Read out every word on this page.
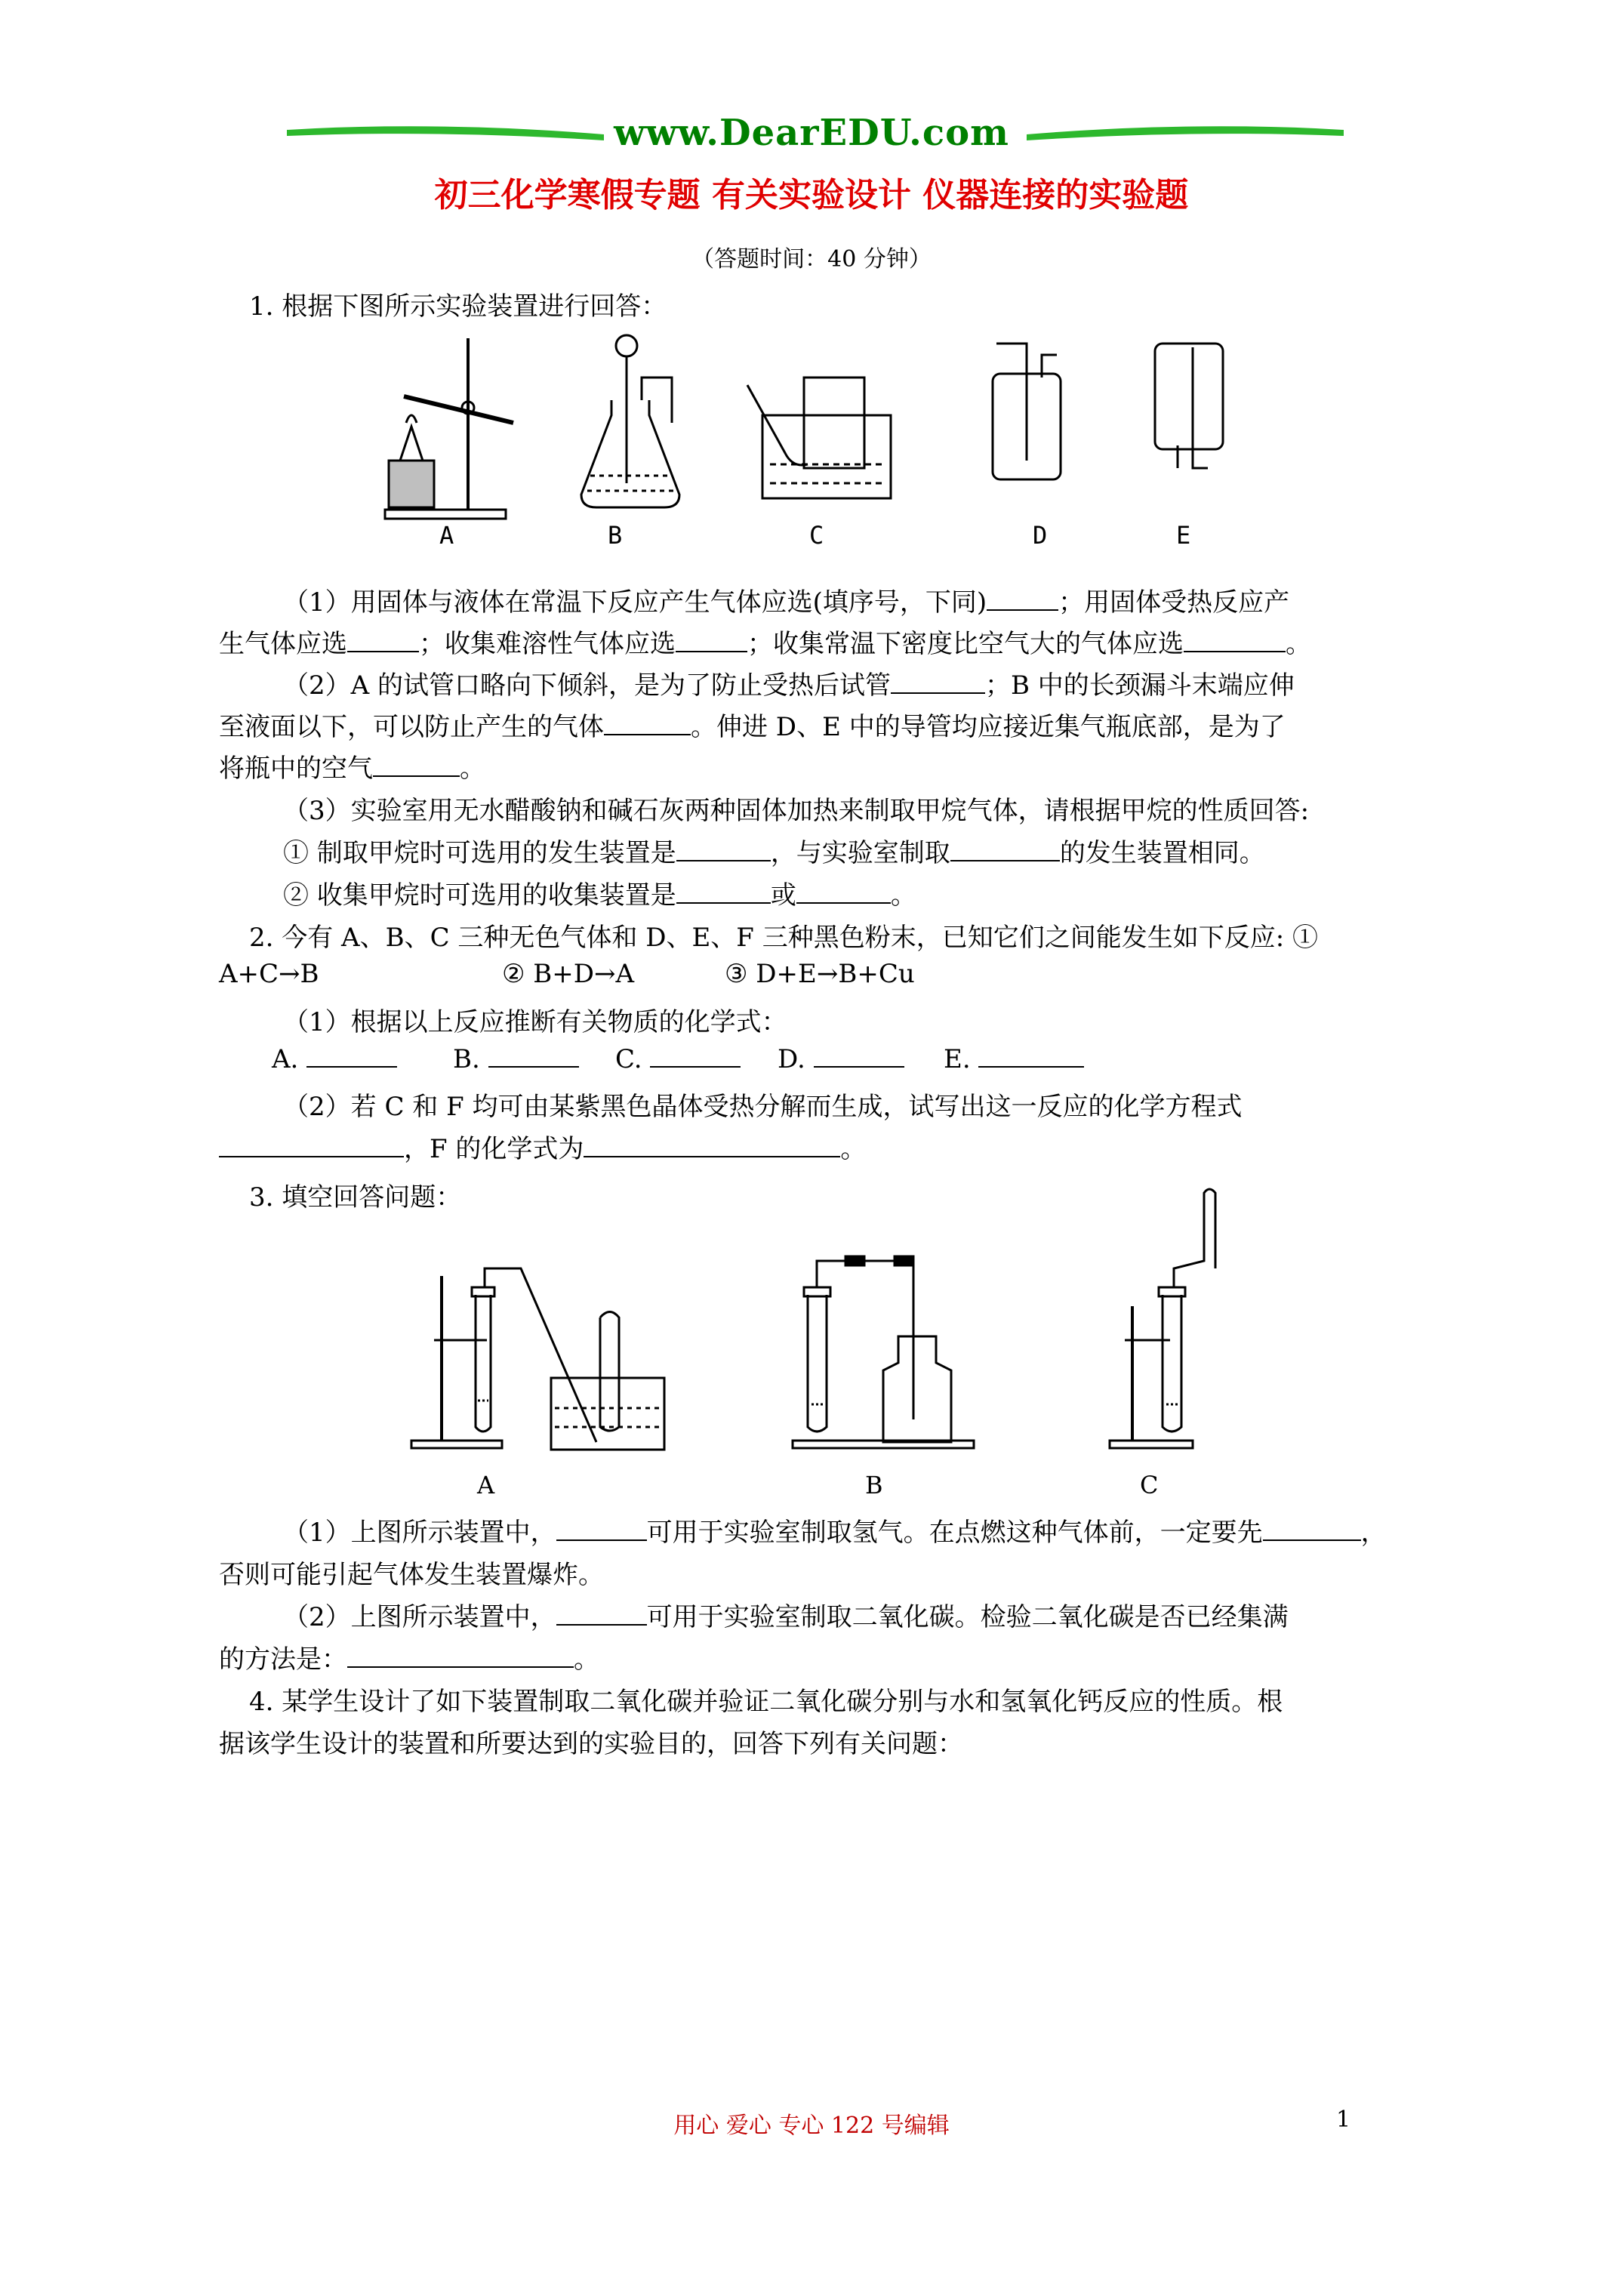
www.DearEDU.com
初三化学寒假专题 有关实验设计 仪器连接的实验题
（答题时间：40 分钟）
1. 根据下图所示实验装置进行回答：
A	B	C	D	E
（1）用固体与液体在常温下反应产生气体应选(填序号，下同)	；用固体受热反应产
生气体应选	；收集难溶性气体应选	；收集常温下密度比空气大的气体应选	。
（2）A 的试管口略向下倾斜，是为了防止受热后试管	；B 中的长颈漏斗末端应伸
至液面以下，可以防止产生的气体	。伸进 D、E 中的导管均应接近集气瓶底部，是为了
将瓶中的空气	。
（3）实验室用无水醋酸钠和碱石灰两种固体加热来制取甲烷气体，请根据甲烷的性质回答:
① 制取甲烷时可选用的发生装置是	，与实验室制取	的发生装置相同。
② 收集甲烷时可选用的收集装置是	或	。
2. 今有 A、B、C 三种无色气体和 D、E、F 三种黑色粉末，已知它们之间能发生如下反应: ①
A+C→B	② B+D→A	③ D+E→B+Cu
（1）根据以上反应推断有关物质的化学式：
A.	B.	C.	D.	E.
（2）若 C 和 F 均可由某紫黑色晶体受热分解而生成，试写出这一反应的化学方程式
，F 的化学式为	。
3. 填空回答问题：
A	B	C
（1）上图所示装置中，	可用于实验室制取氢气。在点燃这种气体前，一定要先	，
否则可能引起气体发生装置爆炸。
（2）上图所示装置中，	可用于实验室制取二氧化碳。检验二氧化碳是否已经集满
的方法是：	。
4. 某学生设计了如下装置制取二氧化碳并验证二氧化碳分别与水和氢氧化钙反应的性质。根
据该学生设计的装置和所要达到的实验目的，回答下列有关问题：
用心 爱心 专心 122 号编辑	1
